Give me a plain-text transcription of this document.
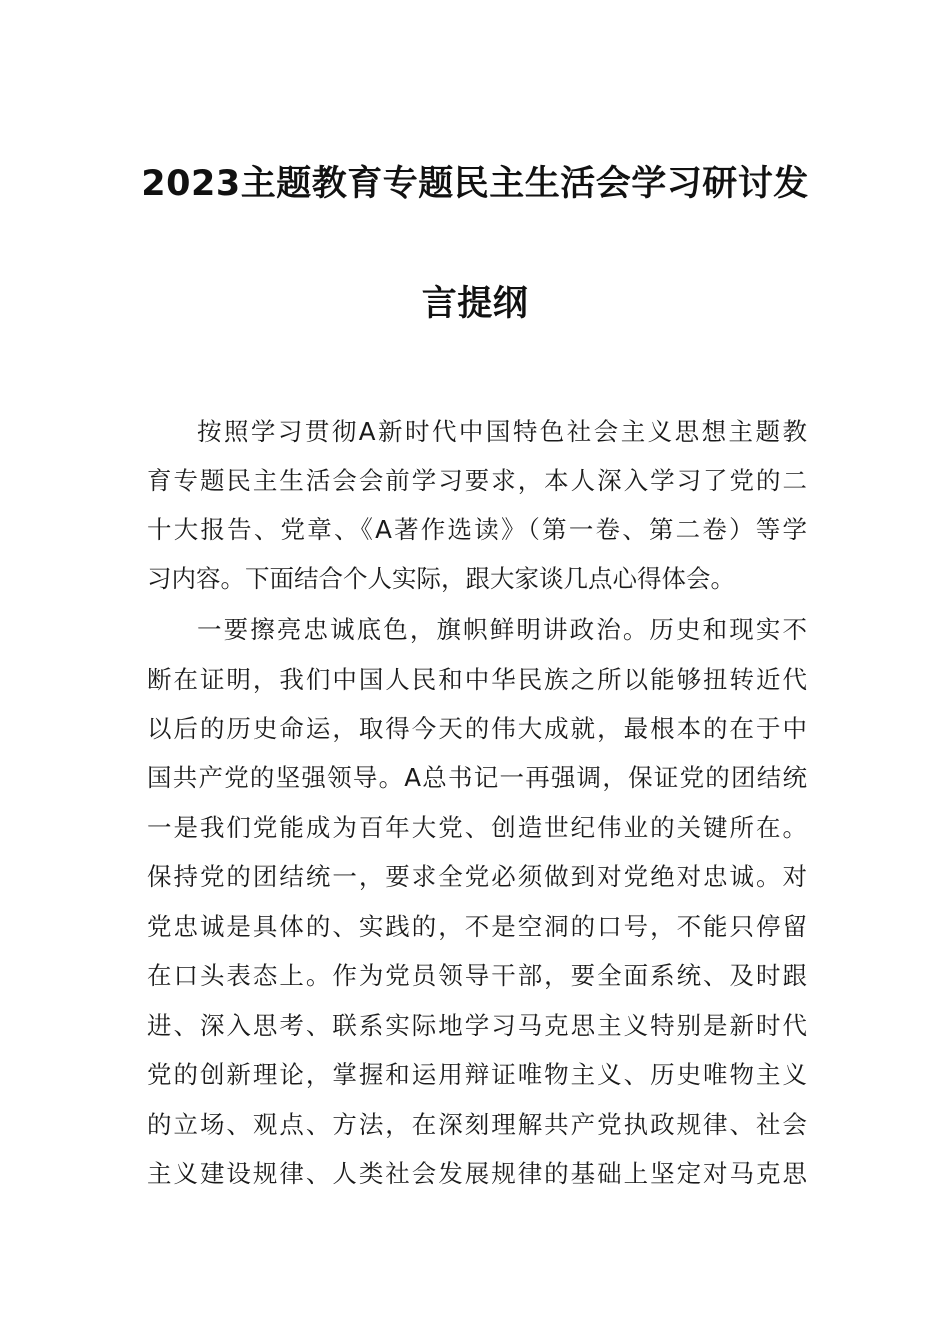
2023主题教育专题民主生活会学习研讨发
言提纲
按照学习贯彻A新时代中国特色社会主义思想主题教
育专题民主生活会会前学习要求，本人深入学习了党的二
十大报告、党章、《A著作选读》（第一卷、第二卷）等学
习内容。下面结合个人实际，跟大家谈几点心得体会。
一要擦亮忠诚底色，旗帜鲜明讲政治。历史和现实不
断在证明，我们中国人民和中华民族之所以能够扭转近代
以后的历史命运，取得今天的伟大成就，最根本的在于中
国共产党的坚强领导。A总书记一再强调，保证党的团结统
一是我们党能成为百年大党、创造世纪伟业的关键所在。
保持党的团结统一，要求全党必须做到对党绝对忠诚。对
党忠诚是具体的、实践的，不是空洞的口号，不能只停留
在口头表态上。作为党员领导干部，要全面系统、及时跟
进、深入思考、联系实际地学习马克思主义特别是新时代
党的创新理论，掌握和运用辩证唯物主义、历史唯物主义
的立场、观点、方法，在深刻理解共产党执政规律、社会
主义建设规律、人类社会发展规律的基础上坚定对马克思
